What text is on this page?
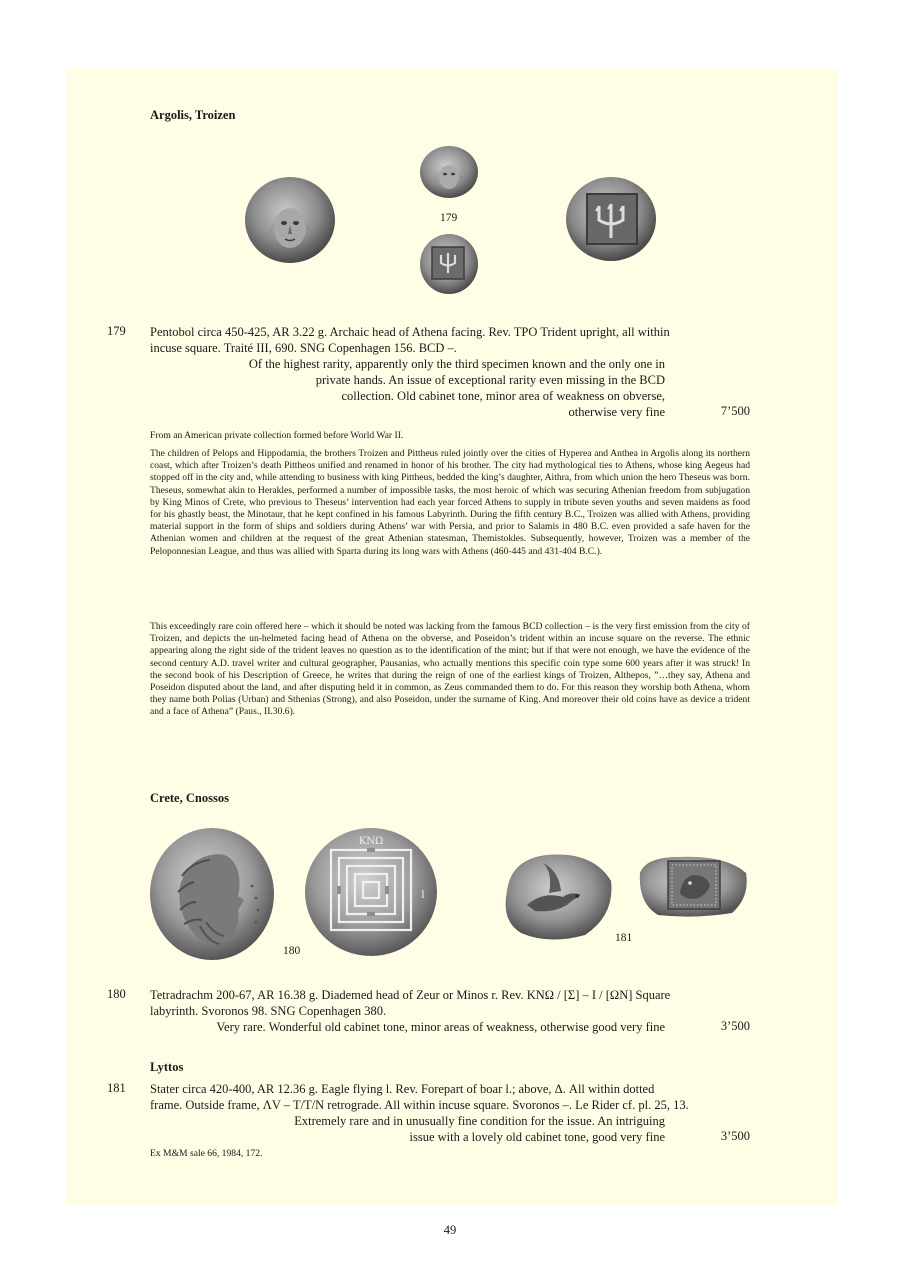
Argolis, Troizen
179
179 Pentobol circa 450-425, AR 3.22 g. Archaic head of Athena facing. Rev. TPO Trident upright, all within
incuse square. Traité III, 690. SNG Copenhagen 156. BCD –.
Of the highest rarity, apparently only the third specimen known and the only one in
private hands. An issue of exceptional rarity even missing in the BCD
collection. Old cabinet tone, minor area of weakness on obverse,
otherwise very fine	7’500
From an American private collection formed before World War II.
The children of Pelops and Hippodamia, the brothers Troizen and Pittheus ruled jointly over the cities of Hyperea and Anthea in Argolis along its northern coast, which after Troizen’s death Pittheos unified and renamed in honor of his brother. The city had mythological ties to Athens, whose king Aegeus had stopped off in the city and, while attending to business with king Pittheus, bedded the king’s daughter, Aithra, from which union the hero Theseus was born. Theseus, somewhat akin to Herakles, performed a number of impossible tasks, the most heroic of which was securing Athenian freedom from subjugation by King Minos of Crete, who previous to Theseus’ intervention had each year forced Athens to supply in tribute seven youths and seven maidens as food for his ghastly beast, the Minotaur, that he kept confined in his famous Labyrinth. During the fifth century B.C., Troizen was allied with Athens, providing material support in the form of ships and soldiers during Athens’ war with Persia, and prior to Salamis in 480 B.C. even provided a safe haven for the Athenian women and children at the request of the great Athenian statesman, Themistokles. Subsequently, however, Troizen was a member of the Peloponnesian League, and thus was allied with Sparta during its long wars with Athens (460-445 and 431-404 B.C.).
This exceedingly rare coin offered here – which it should be noted was lacking from the famous BCD collection – is the very first emission from the city of Troizen, and depicts the un-helmeted facing head of Athena on the obverse, and Poseidon’s trident within an incuse square on the reverse. The ethnic appearing along the right side of the trident leaves no question as to the identification of the mint; but if that were not enough, we have the evidence of the second century A.D. travel writer and cultural geographer, Pausanias, who actually mentions this specific coin type some 600 years after it was struck! In the second book of his Description of Greece, he writes that during the reign of one of the earliest kings of Troizen, Althepos, ”…they say, Athena and Poseidon disputed about the land, and after disputing held it in common, as Zeus commanded them to do. For this reason they worship both Athena, whom they name both Polias (Urban) and Sthenias (Strong), and also Poseidon, under the surname of King. And moreover their old coins have as device a trident and a face of Athena” (Paus., II.30.6).
Crete, Cnossos
ΚΝΩ
Ι
180
181
180 Tetradrachm 200-67, AR 16.38 g. Diademed head of Zeur or Minos r. Rev. ΚΝΩ / [Σ] – Ι / [ΩΝ] Square
labyrinth. Svoronos 98. SNG Copenhagen 380.
Very rare. Wonderful old cabinet tone, minor areas of weakness, otherwise good very fine	3’500
Lyttos
181 Stater circa 420-400, AR 12.36 g. Eagle flying l. Rev. Forepart of boar l.; above, Δ. All within dotted
frame. Outside frame, ΛV – T/T/N retrograde. All within incuse square. Svoronos –. Le Rider cf. pl. 25, 13.
Extremely rare and in unusually fine condition for the issue. An intriguing
issue with a lovely old cabinet tone, good very fine	3’500
Ex M&M sale 66, 1984, 172.
49
